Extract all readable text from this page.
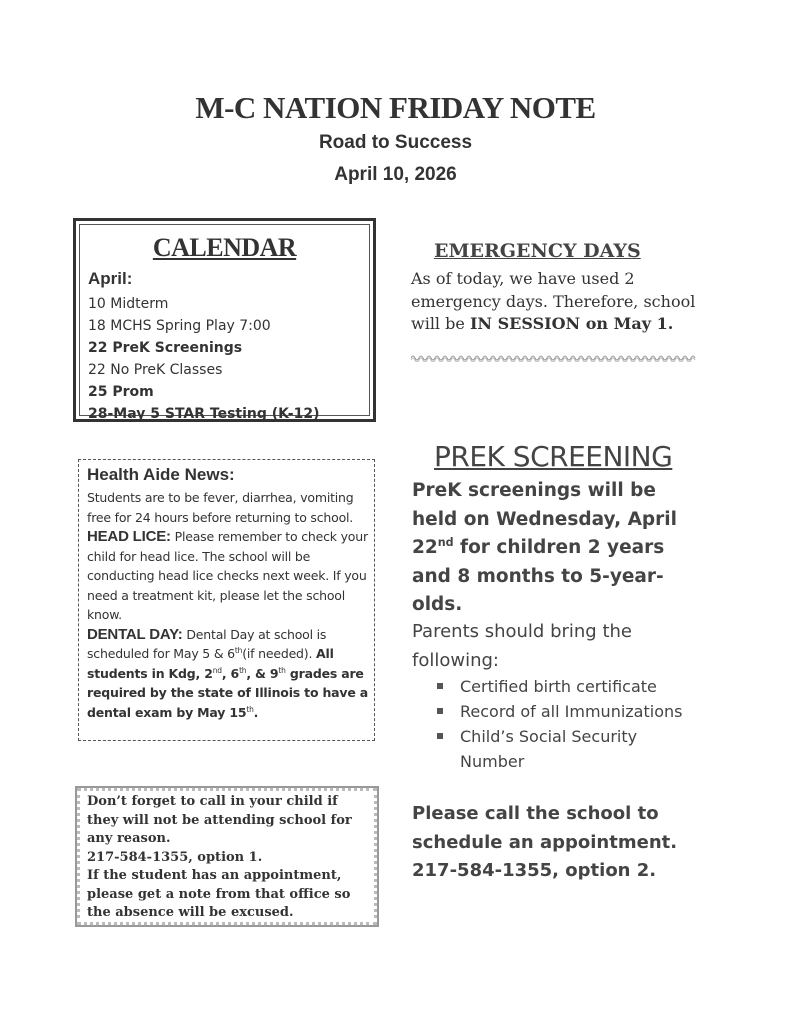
M-C NATION FRIDAY NOTE
Road to Success
April 10, 2026
CALENDAR
April:
10 Midterm
18 MCHS Spring Play 7:00
22 PreK Screenings
22 No PreK Classes
25 Prom
28-May 5 STAR Testing (K-12)
EMERGENCY DAYS
As of today, we have used 2 emergency days. Therefore, school will be IN SESSION on May 1.
Health Aide News:
Students are to be fever, diarrhea, vomiting free for 24 hours before returning to school.
HEAD LICE: Please remember to check your child for head lice. The school will be conducting head lice checks next week. If you need a treatment kit, please let the school know.
DENTAL DAY: Dental Day at school is scheduled for May 5 & 6th(if needed). All students in Kdg, 2nd, 6th, & 9th grades are required by the state of Illinois to have a dental exam by May 15th.
Don’t forget to call in your child if they will not be attending school for any reason.
217-584-1355, option 1.
If the student has an appointment, please get a note from that office so the absence will be excused.
PREK SCREENING
PreK screenings will be held on Wednesday, April 22nd for children 2 years and 8 months to 5-year-olds.
Parents should bring the following:
Certified birth certificate
Record of all Immunizations
Child’s Social Security Number
Please call the school to schedule an appointment.
217-584-1355, option 2.
